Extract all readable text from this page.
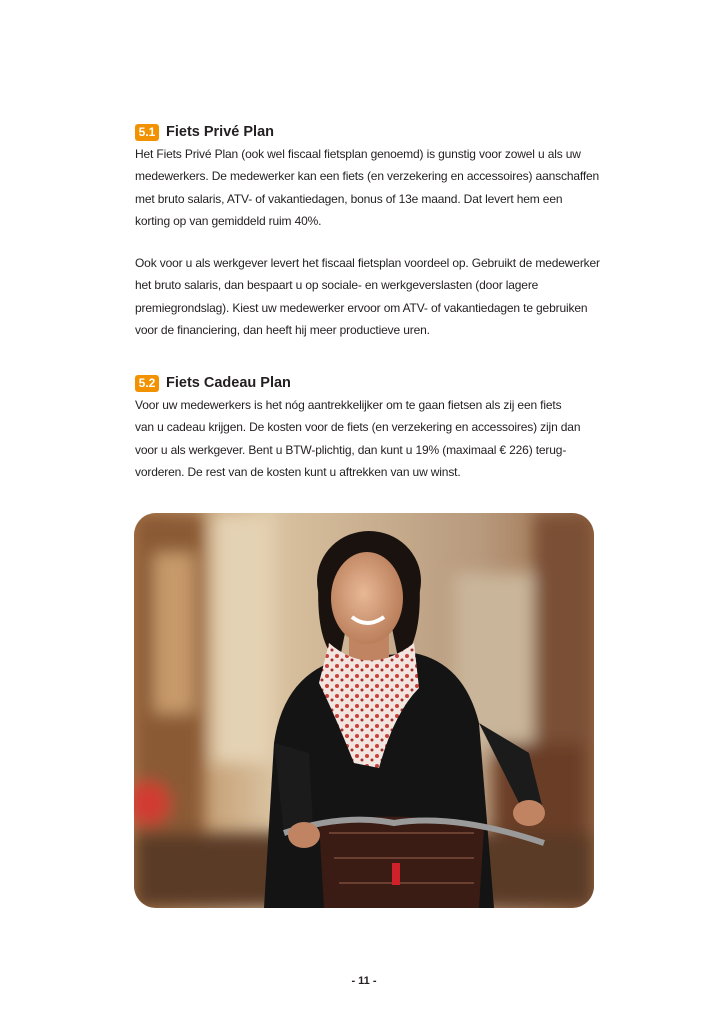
5.1 Fiets Privé Plan

Het Fiets Privé Plan (ook wel fiscaal fietsplan genoemd) is gunstig voor zowel u als uw
medewerkers. De medewerker kan een fiets (en verzekering en accessoires) aanschaffen
met bruto salaris, ATV- of vakantiedagen, bonus of 13e maand. Dat levert hem een
korting op van gemiddeld ruim 40%.

Ook voor u als werkgever levert het fiscaal fietsplan voordeel op. Gebruikt de medewerker
het bruto salaris, dan bespaart u op sociale- en werkgeverslasten (door lagere
premiegrondslag). Kiest uw medewerker ervoor om ATV- of vakantiedagen te gebruiken
voor de financiering, dan heeft hij meer productieve uren.

5.2 Fiets Cadeau Plan

Voor uw medewerkers is het nóg aantrekkelijker om te gaan fietsen als zij een fiets
van u cadeau krijgen. De kosten voor de fiets (en verzekering en accessoires) zijn dan
voor u als werkgever. Bent u BTW-plichtig, dan kunt u 19% (maximaal € 226) terug-
vorderen. De rest van de kosten kunt u aftrekken van uw winst.

- 11 -
